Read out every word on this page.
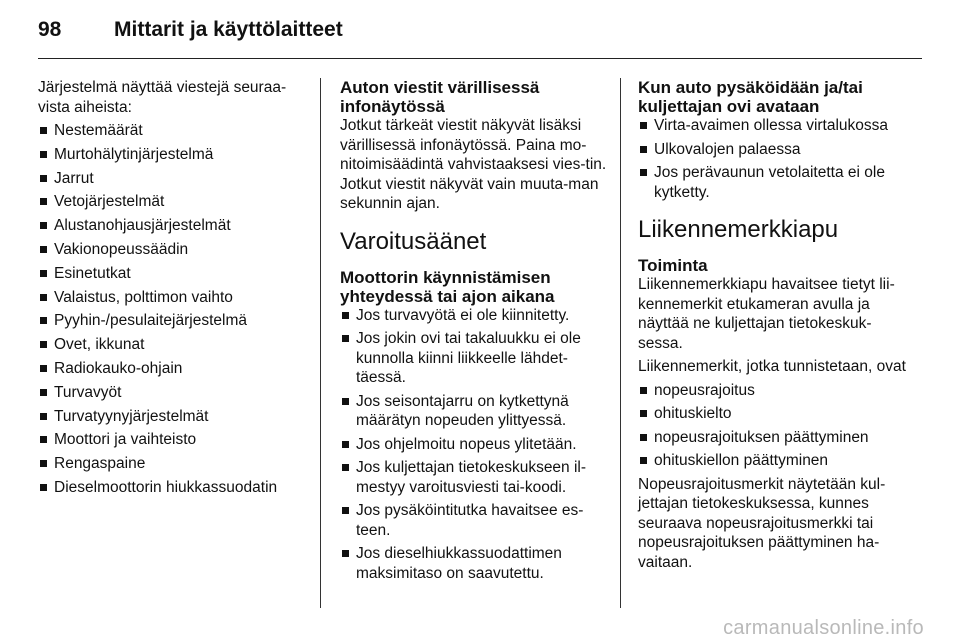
98	Mittarit ja käyttölaitteet

Järjestelmä näyttää viestejä seuraa-vista aiheista:

Nestemäärät
Murtohälytinjärjestelmä
Jarrut
Vetojärjestelmät
Alustanohjausjärjestelmät
Vakionopeussäädin
Esinetutkat
Valaistus, polttimon vaihto
Pyyhin-/pesulaitejärjestelmä
Ovet, ikkunat
Radiokauko-ohjain
Turvavyöt
Turvatyynyjärjestelmät
Moottori ja vaihteisto
Rengaspaine
Dieselmoottorin hiukkassuodatin
Auton viestit värillisessä infonäytössä

Jotkut tärkeät viestit näkyvät lisäksi värillisessä infonäytössä. Paina mo-nitoimisäädintä vahvistaaksesi vies-tin. Jotkut viestit näkyvät vain muuta-man sekunnin ajan.

Varoitusäänet
Moottorin käynnistämisen yhteydessä tai ajon aikana
Jos turvavyötä ei ole kiinnitetty.
Jos jokin ovi tai takaluukku ei ole kunnolla kiinni liikkeelle lähdet-täessä.
Jos seisontajarru on kytkettynä määrätyn nopeuden ylittyessä.
Jos ohjelmoitu nopeus ylitetään.
Jos kuljettajan tietokeskukseen il-mestyy varoitusviesti tai-koodi.
Jos pysäköintitutka havaitsee es-teen.
Jos dieselhiukkassuodattimen maksimitaso on saavutettu.
Kun auto pysäköidään ja/tai kuljettajan ovi avataan
Virta-avaimen ollessa virtalukossa
Ulkovalojen palaessa
Jos perävaunun vetolaitetta ei ole kytketty.
Liikennemerkkiapu
Toiminta

Liikennemerkkiapu havaitsee tietyt lii-kennemerkit etukameran avulla ja näyttää ne kuljettajan tietokeskuk-sessa.

Liikennemerkit, jotka tunnistetaan, ovat

nopeusrajoitus
ohituskielto
nopeusrajoituksen päättyminen
ohituskiellon päättyminen

Nopeusrajoitusmerkit näytetään kul-jettajan tietokeskuksessa, kunnes seuraava nopeusrajoitusmerkki tai nopeusrajoituksen päättyminen ha-vaitaan.

carmanualsonline.info
